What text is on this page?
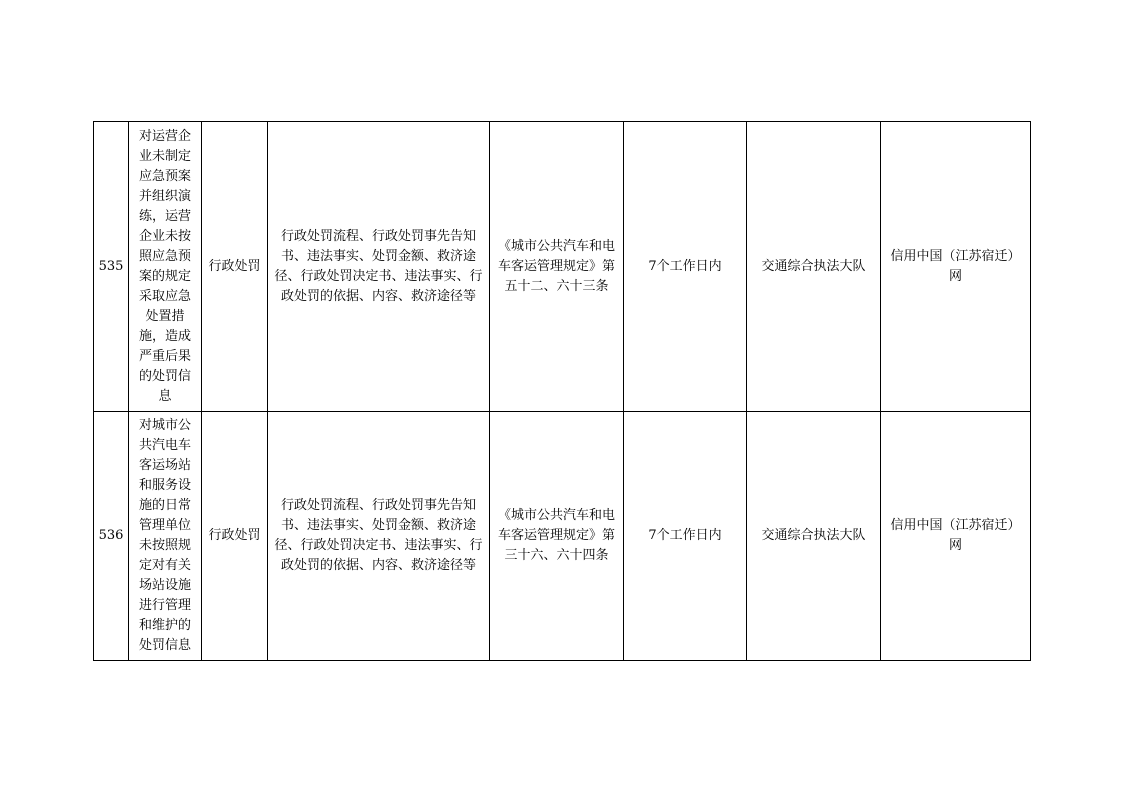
535	对运营企业未制定应急预案并组织演练，运营企业未按照应急预案的规定采取应急处置措施，造成严重后果的处罚信息	行政处罚	行政处罚流程、行政处罚事先告知书、违法事实、处罚金额、救济途径、行政处罚决定书、违法事实、行政处罚的依据、内容、救济途径等	《城市公共汽车和电车客运管理规定》第五十二、六十三条	7个工作日内	交通综合执法大队	信用中国（江苏宿迁）网
536	对城市公共汽电车客运场站和服务设施的日常管理单位未按照规定对有关场站设施进行管理和维护的处罚信息	行政处罚	行政处罚流程、行政处罚事先告知书、违法事实、处罚金额、救济途径、行政处罚决定书、违法事实、行政处罚的依据、内容、救济途径等	《城市公共汽车和电车客运管理规定》第三十六、六十四条	7个工作日内	交通综合执法大队	信用中国（江苏宿迁）网
